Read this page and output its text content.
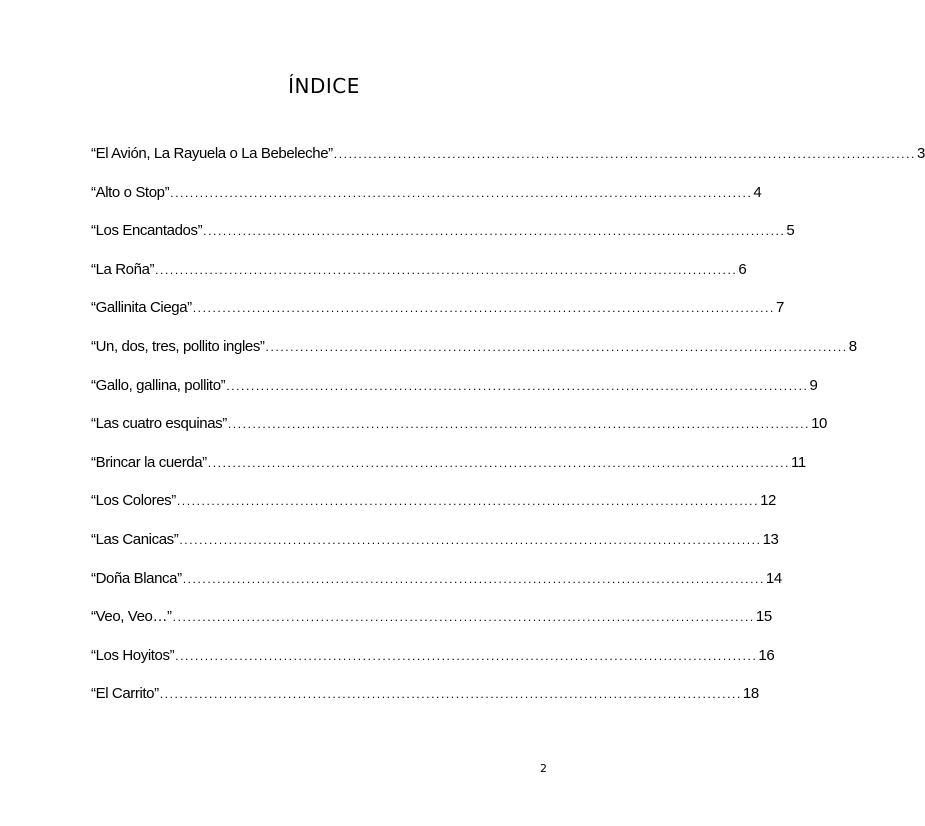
ÍNDICE
“El Avión, La Rayuela o La Bebeleche” ...................................................................................................................... 3
“Alto o Stop” ...................................................................................................................... 4
“Los Encantados” ...................................................................................................................... 5
“La Roña” ...................................................................................................................... 6
“Gallinita Ciega” ...................................................................................................................... 7
“Un, dos, tres, pollito ingles” ...................................................................................................................... 8
“Gallo, gallina, pollito” ...................................................................................................................... 9
“Las cuatro esquinas” ...................................................................................................................... 10
“Brincar la cuerda” ...................................................................................................................... 11
“Los Colores” ...................................................................................................................... 12
“Las Canicas” ...................................................................................................................... 13
“Doña Blanca” ...................................................................................................................... 14
“Veo, Veo…” ...................................................................................................................... 15
“Los Hoyitos” ...................................................................................................................... 16
“El Carrito” ...................................................................................................................... 18
2
